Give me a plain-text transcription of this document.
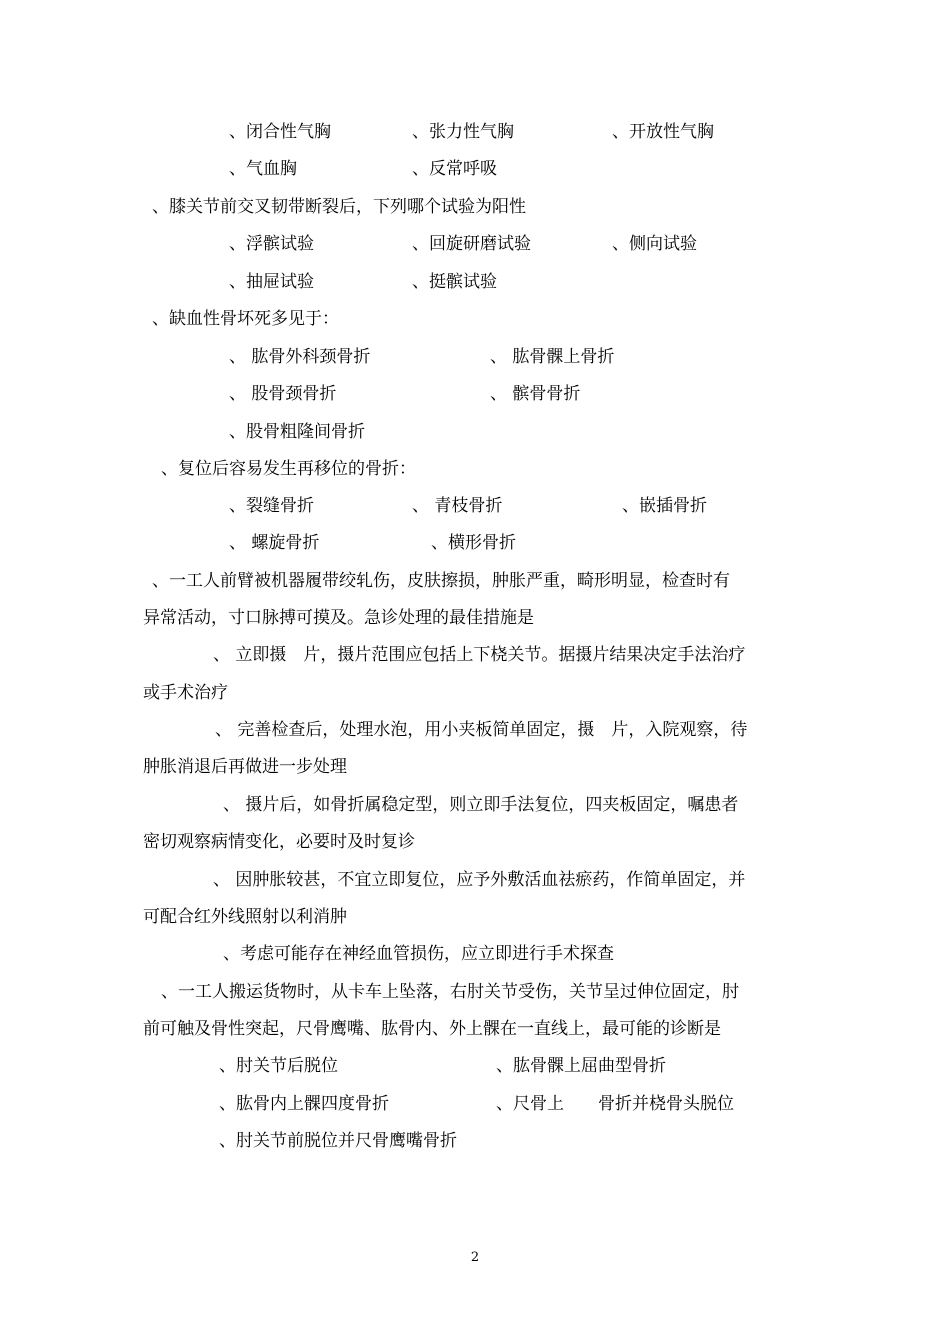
、闭合性气胸	、张力性气胸	、开放性气胸
、气血胸	、反常呼吸
、膝关节前交叉韧带断裂后，下列哪个试验为阳性
、浮髌试验	、回旋研磨试验	、侧向试验
、抽屉试验	、挺髌试验
、缺血性骨坏死多见于：
、 肱骨外科颈骨折	、 肱骨髁上骨折
、 股骨颈骨折	、 髌骨骨折
、股骨粗隆间骨折
、复位后容易发生再移位的骨折：
、裂缝骨折	、 青枝骨折	、嵌插骨折
、 螺旋骨折	、横形骨折
、一工人前臂被机器履带绞轧伤，皮肤擦损，肿胀严重，畸形明显，检查时有
异常活动，寸口脉搏可摸及。急诊处理的最佳措施是
、 立即摄　片，摄片范围应包括上下桡关节。据摄片结果决定手法治疗
或手术治疗
、 完善检查后，处理水泡，用小夹板简单固定，摄　片，入院观察，待
肿胀消退后再做进一步处理
、 摄片后，如骨折属稳定型，则立即手法复位，四夹板固定，嘱患者
密切观察病情变化，必要时及时复诊
、 因肿胀较甚，不宜立即复位，应予外敷活血祛瘀药，作简单固定，并
可配合红外线照射以利消肿
、考虑可能存在神经血管损伤，应立即进行手术探查
、一工人搬运货物时，从卡车上坠落，右肘关节受伤，关节呈过伸位固定，肘
前可触及骨性突起，尺骨鹰嘴、肱骨内、外上髁在一直线上，最可能的诊断是
、肘关节后脱位	、肱骨髁上屈曲型骨折
、肱骨内上髁四度骨折	、尺骨上　　骨折并桡骨头脱位
、肘关节前脱位并尺骨鹰嘴骨折
2
